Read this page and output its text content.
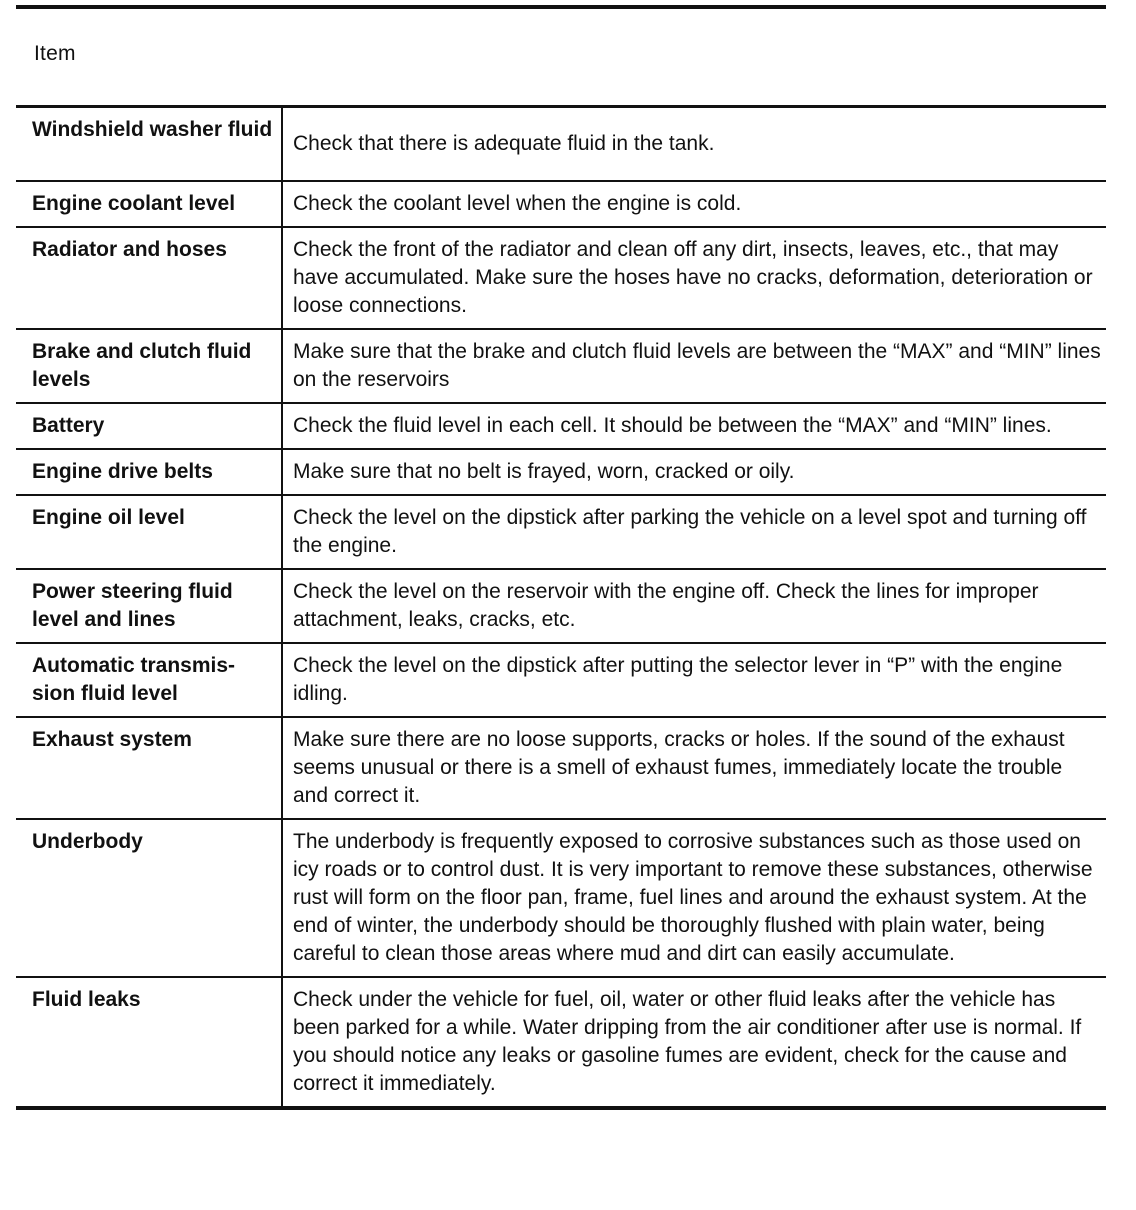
Item
Windshield washer fluid	Check that there is adequate fluid in the tank.
Engine coolant level	Check the coolant level when the engine is cold.
Radiator and hoses	Check the front of the radiator and clean off any dirt, insects, leaves, etc., that may have accumulated. Make sure the hoses have no cracks, deformation, deterioration or loose connections.
Brake and clutch fluid levels	Make sure that the brake and clutch fluid levels are between the “MAX” and “MIN” lines on the reservoirs
Battery	Check the fluid level in each cell. It should be between the “MAX” and “MIN” lines.
Engine drive belts	Make sure that no belt is frayed, worn, cracked or oily.
Engine oil level	Check the level on the dipstick after parking the vehicle on a level spot and turning off the engine.
Power steering fluid level and lines	Check the level on the reservoir with the engine off. Check the lines for improper attachment, leaks, cracks, etc.
Automatic transmis-sion fluid level	Check the level on the dipstick after putting the selector lever in “P” with the engine idling.
Exhaust system	Make sure there are no loose supports, cracks or holes. If the sound of the exhaust seems unusual or there is a smell of exhaust fumes, immediately locate the trouble and correct it.
Underbody	The underbody is frequently exposed to corrosive substances such as those used on icy roads or to control dust. It is very important to remove these substances, otherwise rust will form on the floor pan, frame, fuel lines and around the exhaust system. At the end of winter, the underbody should be thoroughly flushed with plain water, being careful to clean those areas where mud and dirt can easily accumulate.
Fluid leaks	Check under the vehicle for fuel, oil, water or other fluid leaks after the vehicle has been parked for a while. Water dripping from the air conditioner after use is normal. If you should notice any leaks or gasoline fumes are evident, check for the cause and correct it immediately.
